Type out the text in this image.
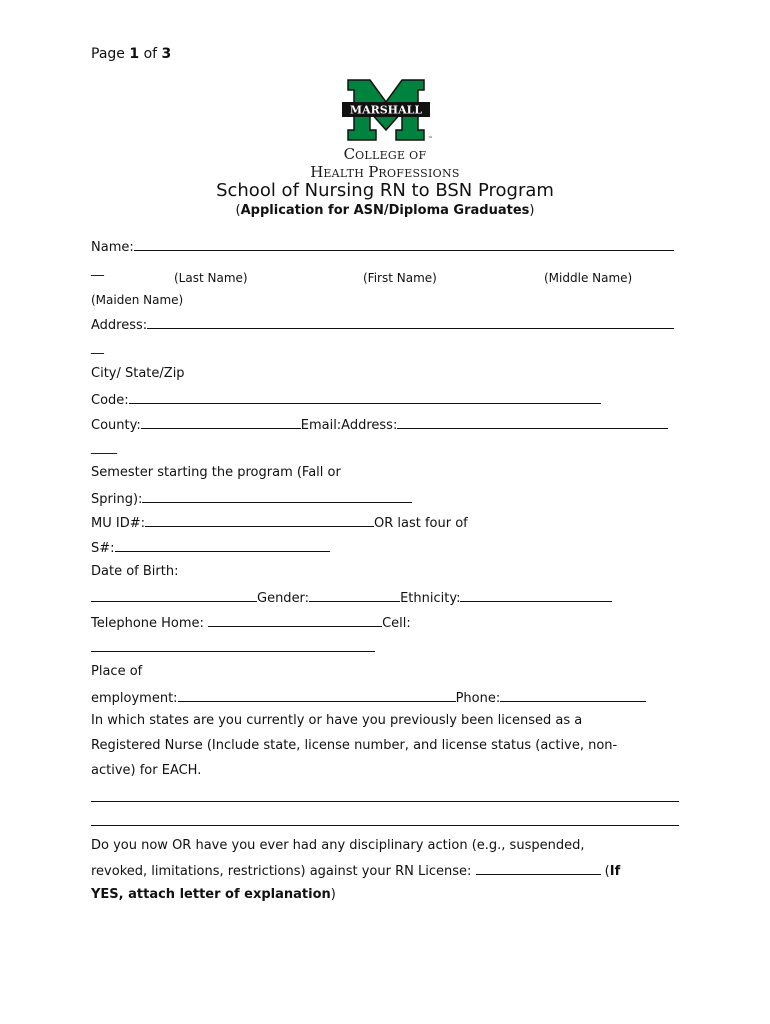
Page 1 of 3
MARSHALL
™
COLLEGE OF
HEALTH PROFESSIONS
School of Nursing RN to BSN Program
(Application for ASN/Diploma Graduates)
Name:
__
(Last Name)	(First Name)	(Middle Name)
(Maiden Name)
Address:
__
City/ State/Zip
Code:
County:	Email:Address:
____
Semester starting the program (Fall or
Spring):
MU ID#:	OR last four of
S#:
Date of Birth:
Gender:	Ethnicity:
Telephone Home:	Cell:
Place of
employment:	Phone:
In which states are you currently or have you previously been licensed as a
Registered Nurse (Include state, license number, and license status (active, non-
active) for EACH.
Do you now OR have you ever had any disciplinary action (e.g., suspended,
revoked, limitations, restrictions) against your RN License:	(If
YES, attach letter of explanation)
